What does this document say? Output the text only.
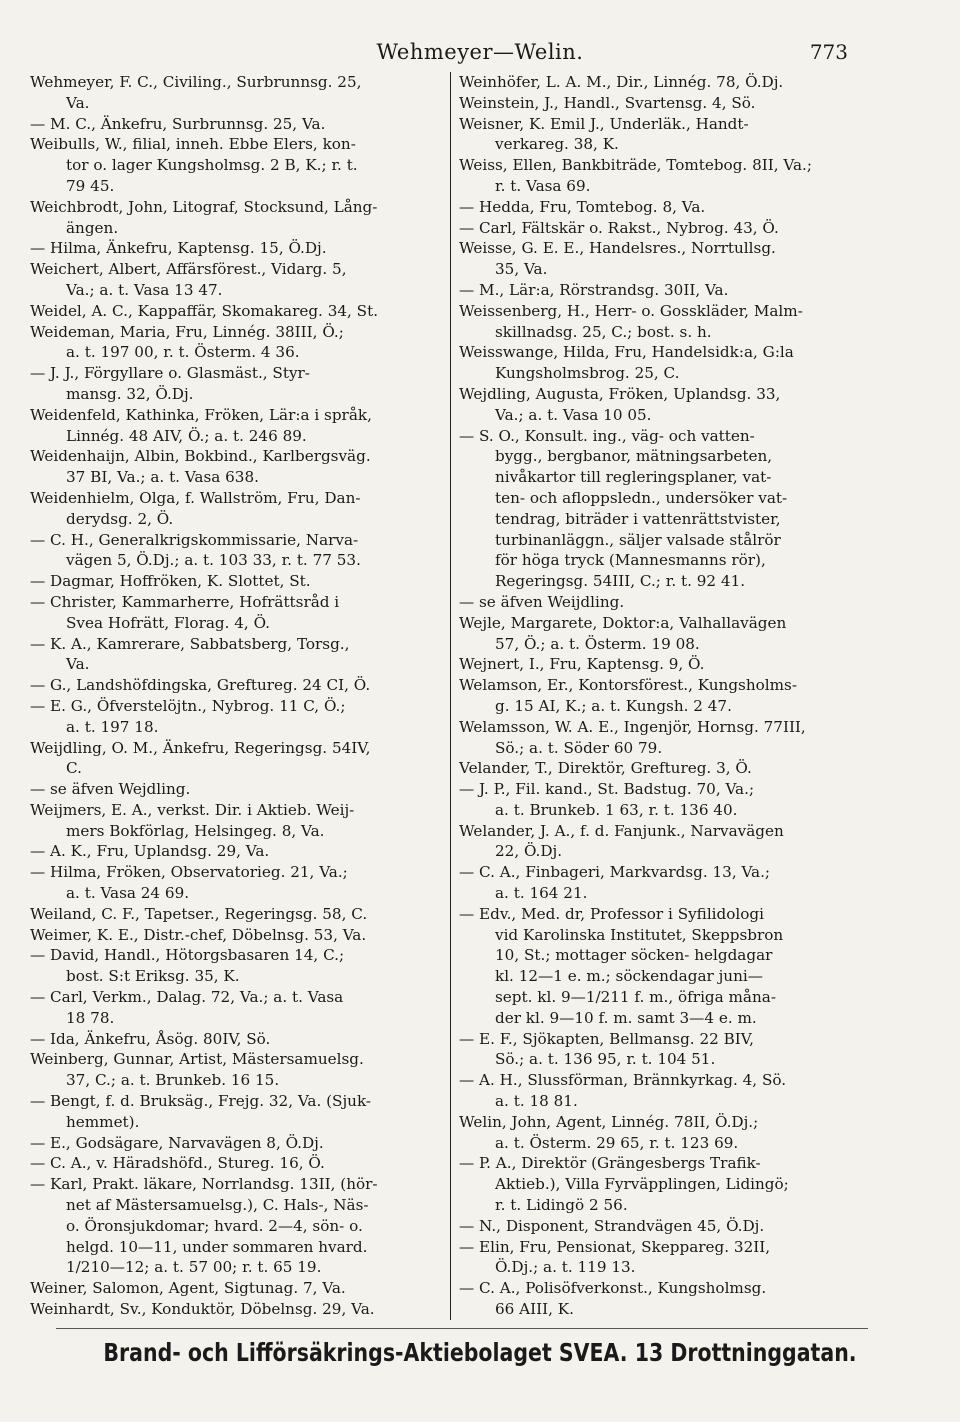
Wehmeyer—Welin.	773
Wehmeyer, F. C., Civiling., Surbrunnsg. 25,
Va.
— M. C., Änkefru, Surbrunnsg. 25, Va.
Weibulls, W., filial, inneh. Ebbe Elers, kon-
tor o. lager Kungsholmsg. 2 B, K.; r. t.
79 45.
Weichbrodt, John, Litograf, Stocksund, Lång-
ängen.
— Hilma, Änkefru, Kaptensg. 15, Ö.Dj.
Weichert, Albert, Affärsförest., Vidarg. 5,
Va.; a. t. Vasa 13 47.
Weidel, A. C., Kappaffär, Skomakareg. 34, St.
Weideman, Maria, Fru, Linnég. 38III, Ö.;
a. t. 197 00, r. t. Österm. 4 36.
— J. J., Förgyllare o. Glasmäst., Styr-
mansg. 32, Ö.Dj.
Weidenfeld, Kathinka, Fröken, Lär:a i språk,
Linnég. 48 AIV, Ö.; a. t. 246 89.
Weidenhaijn, Albin, Bokbind., Karlbergsväg.
37 BI, Va.; a. t. Vasa 638.
Weidenhielm, Olga, f. Wallström, Fru, Dan-
derydsg. 2, Ö.
— C. H., Generalkrigskommissarie, Narva-
vägen 5, Ö.Dj.; a. t. 103 33, r. t. 77 53.
— Dagmar, Hoffröken, K. Slottet, St.
— Christer, Kammarherre, Hofrättsråd i
Svea Hofrätt, Florag. 4, Ö.
— K. A., Kamrerare, Sabbatsberg, Torsg.,
Va.
— G., Landshöfdingska, Greftureg. 24 CI, Ö.
— E. G., Öfverstelöjtn., Nybrog. 11 C, Ö.;
a. t. 197 18.
Weijdling, O. M., Änkefru, Regeringsg. 54IV,
C.
— se äfven Wejdling.
Weijmers, E. A., verkst. Dir. i Aktieb. Weij-
mers Bokförlag, Helsingeg. 8, Va.
— A. K., Fru, Uplandsg. 29, Va.
— Hilma, Fröken, Observatorieg. 21, Va.;
a. t. Vasa 24 69.
Weiland, C. F., Tapetser., Regeringsg. 58, C.
Weimer, K. E., Distr.-chef, Döbelnsg. 53, Va.
— David, Handl., Hötorgsbasaren 14, C.;
bost. S:t Eriksg. 35, K.
— Carl, Verkm., Dalag. 72, Va.; a. t. Vasa
18 78.
— Ida, Änkefru, Åsög. 80IV, Sö.
Weinberg, Gunnar, Artist, Mästersamuelsg.
37, C.; a. t. Brunkeb. 16 15.
— Bengt, f. d. Bruksäg., Frejg. 32, Va. (Sjuk-
hemmet).
— E., Godsägare, Narvavägen 8, Ö.Dj.
— C. A., v. Häradshöfd., Stureg. 16, Ö.
— Karl, Prakt. läkare, Norrlandsg. 13II, (hör-
net af Mästersamuelsg.), C. Hals-, Näs-
o. Öronsjukdomar; hvard. 2—4, sön- o.
helgd. 10—11, under sommaren hvard.
1/210—12; a. t. 57 00; r. t. 65 19.
Weiner, Salomon, Agent, Sigtunag. 7, Va.
Weinhardt, Sv., Konduktör, Döbelnsg. 29, Va.
Weinhöfer, L. A. M., Dir., Linnég. 78, Ö.Dj.
Weinstein, J., Handl., Svartensg. 4, Sö.
Weisner, K. Emil J., Underläk., Handt-
verkareg. 38, K.
Weiss, Ellen, Bankbiträde, Tomtebog. 8II, Va.;
r. t. Vasa 69.
— Hedda, Fru, Tomtebog. 8, Va.
— Carl, Fältskär o. Rakst., Nybrog. 43, Ö.
Weisse, G. E. E., Handelsres., Norrtullsg.
35, Va.
— M., Lär:a, Rörstrandsg. 30II, Va.
Weissenberg, H., Herr- o. Gosskläder, Malm-
skillnadsg. 25, C.; bost. s. h.
Weisswange, Hilda, Fru, Handelsidk:a, G:la
Kungsholmsbrog. 25, C.
Wejdling, Augusta, Fröken, Uplandsg. 33,
Va.; a. t. Vasa 10 05.
— S. O., Konsult. ing., väg- och vatten-
bygg., bergbanor, mätningsarbeten,
nivåkartor till regleringsplaner, vat-
ten- och afloppsledn., undersöker vat-
tendrag, biträder i vattenrättstvister,
turbinanläggn., säljer valsade stålrör
för höga tryck (Mannesmanns rör),
Regeringsg. 54III, C.; r. t. 92 41.
— se äfven Weijdling.
Wejle, Margarete, Doktor:a, Valhallavägen
57, Ö.; a. t. Österm. 19 08.
Wejnert, I., Fru, Kaptensg. 9, Ö.
Welamson, Er., Kontorsförest., Kungsholms-
g. 15 AI, K.; a. t. Kungsh. 2 47.
Welamsson, W. A. E., Ingenjör, Hornsg. 77III,
Sö.; a. t. Söder 60 79.
Velander, T., Direktör, Greftureg. 3, Ö.
— J. P., Fil. kand., St. Badstug. 70, Va.;
a. t. Brunkeb. 1 63, r. t. 136 40.
Welander, J. A., f. d. Fanjunk., Narvavägen
22, Ö.Dj.
— C. A., Finbageri, Markvardsg. 13, Va.;
a. t. 164 21.
— Edv., Med. dr, Professor i Syfilidologi
vid Karolinska Institutet, Skeppsbron
10, St.; mottager söcken- helgdagar
kl. 12—1 e. m.; söckendagar juni—
sept. kl. 9—1/211 f. m., öfriga måna-
der kl. 9—10 f. m. samt 3—4 e. m.
— E. F., Sjökapten, Bellmansg. 22 BIV,
Sö.; a. t. 136 95, r. t. 104 51.
— A. H., Slussförman, Brännkyrkag. 4, Sö.
a. t. 18 81.
Welin, John, Agent, Linnég. 78II, Ö.Dj.;
a. t. Österm. 29 65, r. t. 123 69.
— P. A., Direktör (Grängesbergs Trafik-
Aktieb.), Villa Fyrväpplingen, Lidingö;
r. t. Lidingö 2 56.
— N., Disponent, Strandvägen 45, Ö.Dj.
— Elin, Fru, Pensionat, Skeppareg. 32II,
Ö.Dj.; a. t. 119 13.
— C. A., Polisöfverkonst., Kungsholmsg.
66 AIII, K.
Brand- och Lifförsäkrings-Aktiebolaget SVEA. 13 Drottninggatan.
